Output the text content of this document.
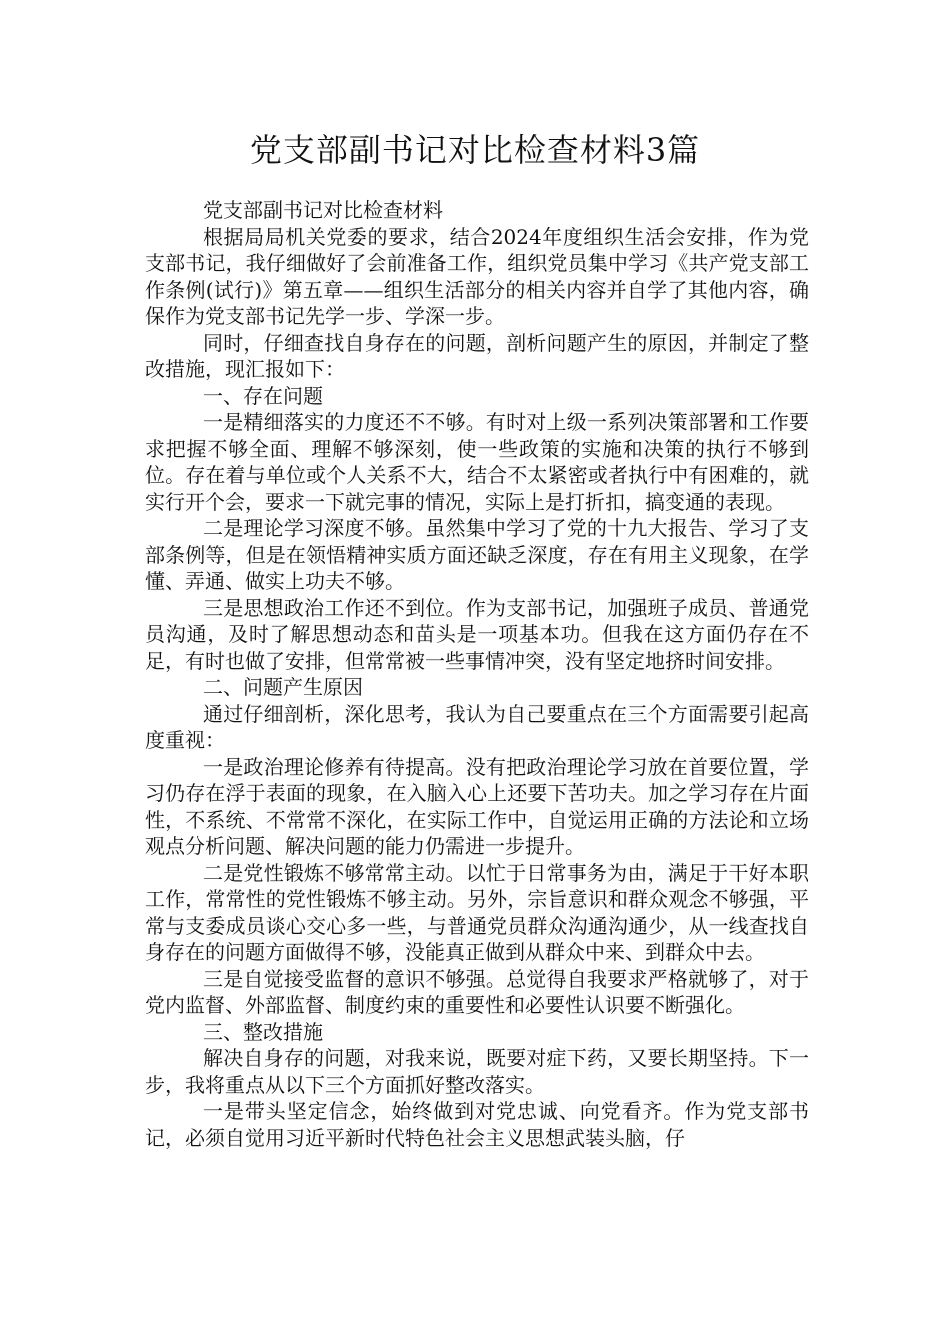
党支部副书记对比检查材料3篇

党支部副书记对比检查材料

根据局局机关党委的要求，结合2024年度组织生活会安排，作为党支部书记，我仔细做好了会前准备工作，组织党员集中学习《共产党支部工作条例(试行)》第五章——组织生活部分的相关内容并自学了其他内容，确保作为党支部书记先学一步、学深一步。

同时，仔细查找自身存在的问题，剖析问题产生的原因，并制定了整改措施，现汇报如下：

一、存在问题

一是精细落实的力度还不不够。有时对上级一系列决策部署和工作要求把握不够全面、理解不够深刻，使一些政策的实施和决策的执行不够到位。存在着与单位或个人关系不大，结合不太紧密或者执行中有困难的，就实行开个会，要求一下就完事的情况，实际上是打折扣，搞变通的表现。

二是理论学习深度不够。虽然集中学习了党的十九大报告、学习了支部条例等，但是在领悟精神实质方面还缺乏深度，存在有用主义现象，在学懂、弄通、做实上功夫不够。

三是思想政治工作还不到位。作为支部书记，加强班子成员、普通党员沟通，及时了解思想动态和苗头是一项基本功。但我在这方面仍存在不足，有时也做了安排，但常常被一些事情冲突，没有坚定地挤时间安排。

二、问题产生原因

通过仔细剖析，深化思考，我认为自己要重点在三个方面需要引起高度重视：

一是政治理论修养有待提高。没有把政治理论学习放在首要位置，学习仍存在浮于表面的现象，在入脑入心上还要下苦功夫。加之学习存在片面性，不系统、不常常不深化，在实际工作中，自觉运用正确的方法论和立场观点分析问题、解决问题的能力仍需进一步提升。

二是党性锻炼不够常常主动。以忙于日常事务为由，满足于干好本职工作，常常性的党性锻炼不够主动。另外，宗旨意识和群众观念不够强，平常与支委成员谈心交心多一些，与普通党员群众沟通沟通少，从一线查找自身存在的问题方面做得不够，没能真正做到从群众中来、到群众中去。

三是自觉接受监督的意识不够强。总觉得自我要求严格就够了，对于党内监督、外部监督、制度约束的重要性和必要性认识要不断强化。

三、整改措施

解决自身存的问题，对我来说，既要对症下药，又要长期坚持。下一步，我将重点从以下三个方面抓好整改落实。

一是带头坚定信念，始终做到对党忠诚、向党看齐。作为党支部书记，必须自觉用习近平新时代特色社会主义思想武装头脑，仔
